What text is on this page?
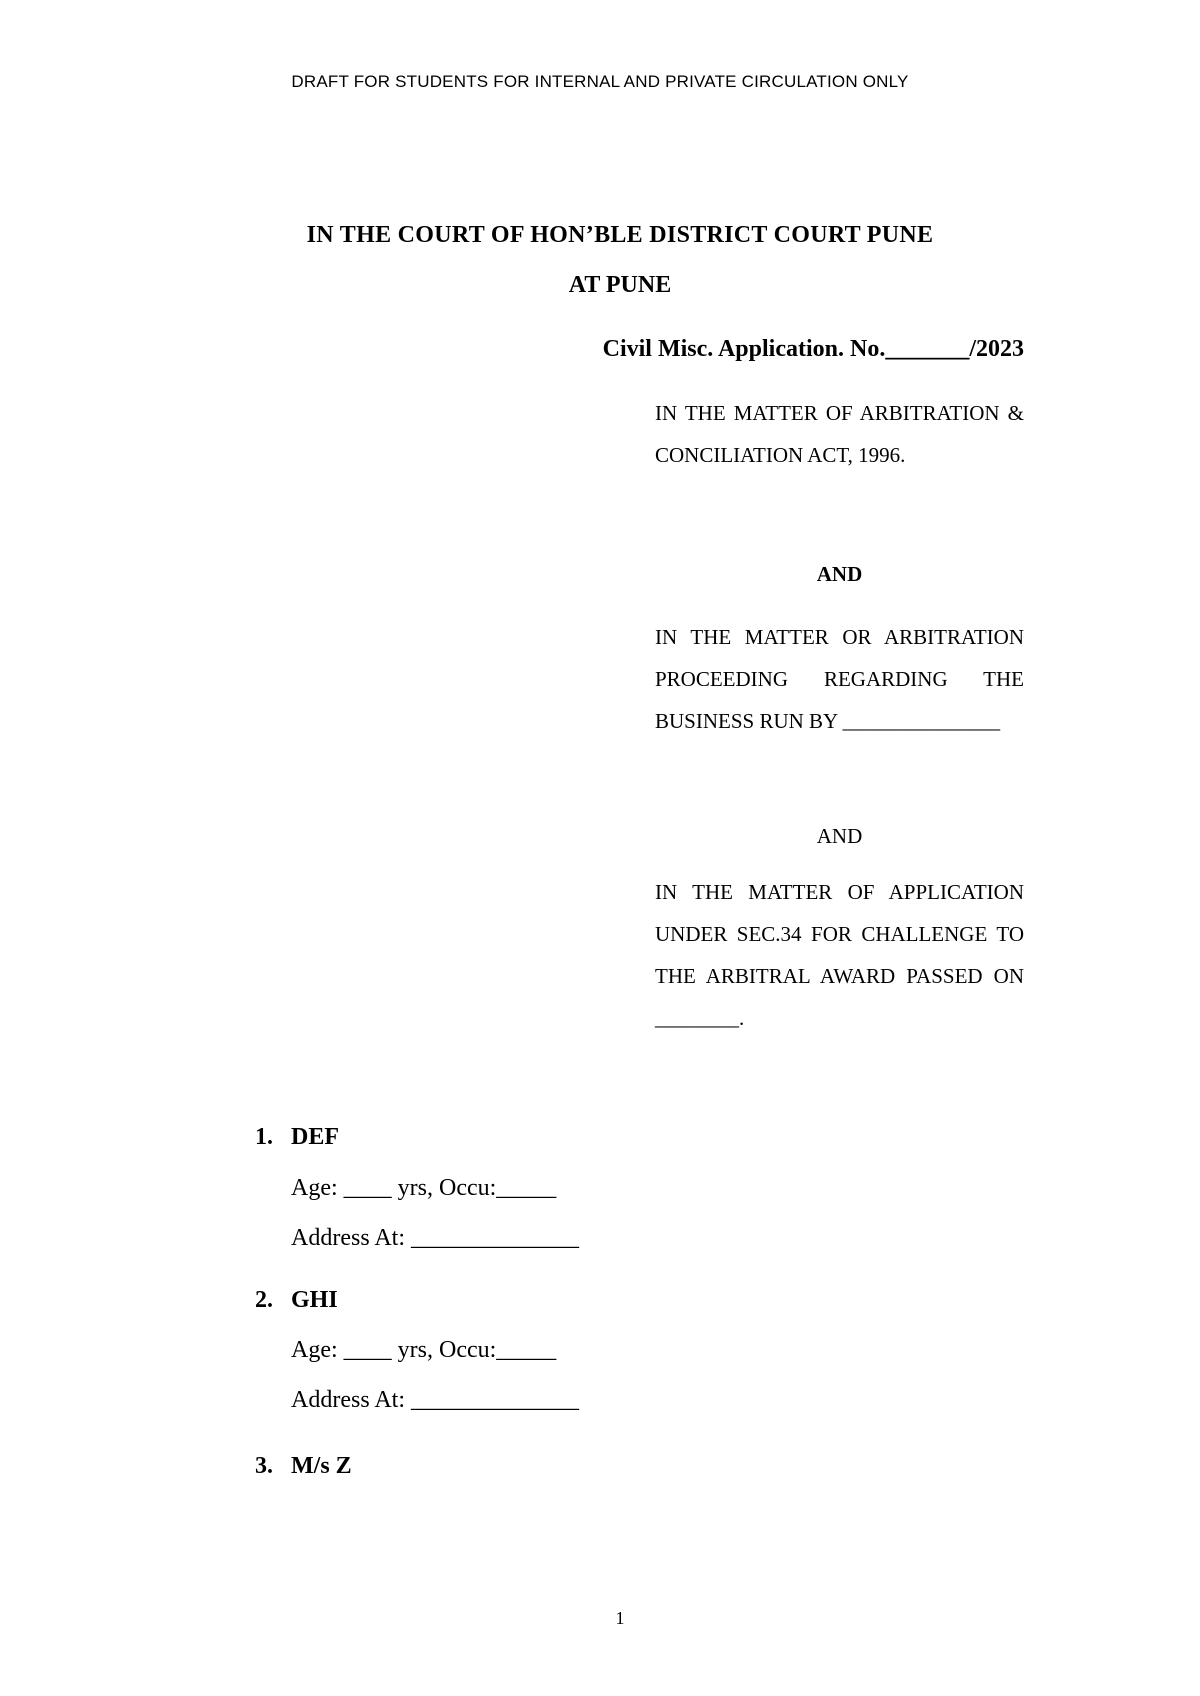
DRAFT FOR STUDENTS FOR INTERNAL AND PRIVATE CIRCULATION ONLY
IN THE COURT OF HON’BLE DISTRICT COURT PUNE
AT PUNE
Civil Misc. Application. No._______/2023
IN THE MATTER OF ARBITRATION & CONCILIATION ACT, 1996.
AND
IN THE MATTER OR ARBITRATION PROCEEDING REGARDING THE BUSINESS RUN BY _______________
AND
IN THE MATTER OF APPLICATION UNDER SEC.34 FOR CHALLENGE TO THE ARBITRAL AWARD PASSED ON ________.
1. DEF
Age: ____ yrs, Occu:_____
Address At: ______________
2. GHI
Age: ____ yrs, Occu:_____
Address At: ______________
3. M/s Z
1
